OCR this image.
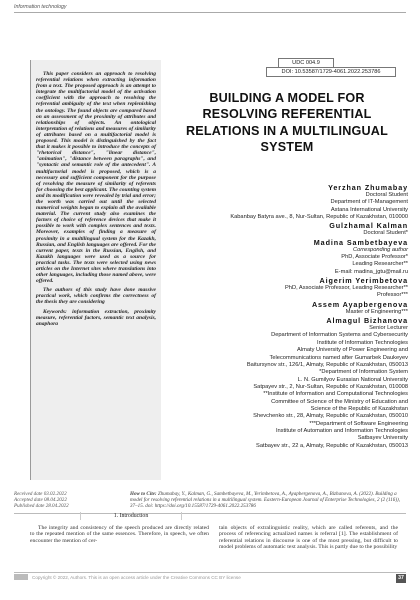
Information technology

This paper considers an approach to resolving referential relations when extracting information from a text. The proposed approach is an attempt to integrate the multifactorial model of the activation coefficient with the approach to resolving the referential ambiguity of the text when replenishing the ontology. The found objects are compared based on an assessment of the proximity of attributes and relationships of objects. An ontological interpretation of relations and measures of similarity of attributes based on a multifactorial model is proposed. This model is distinguished by the fact that it makes it possible to introduce the concepts of "rhetorical distance", "linear distance", "animation", "distance between paragraphs", and "syntactic and semantic role of the antecedent". A multifactorial model is proposed, which is a necessary and sufficient component for the purpose of resolving the measure of similarity of referents for choosing the best applicant. The counting system and its modification were revealed by trial and error; the worth was carried out until the selected numerical weights began to explain all the available material. The current study also examines the factors of choice of reference devices that make it possible to work with complex sentences and texts. Moreover, examples of finding a measure of proximity in a multilingual system for the Kazakh, Russian, and English languages are offered. For the current paper, texts in the Russian, English, and Kazakh languages were used as a source for practical tasks. The texts were selected using news articles on the Internet sites where translations into other languages, including those named above, were offered.

The authors of this study have done massive practical work, which confirms the correctness of the thesis they are considering

Keywords: information extraction, proximity measure, referential factors, semantic text analysis, anaphora

UDC 004.9
DOI: 10.53587/1729-4061.2022.253786
BUILDING A MODEL FOR RESOLVING REFERENTIAL RELATIONS IN A MULTILINGUAL SYSTEM
Yerzhan Zhumabay
Doctoral Student
Department of IT-Management
Astana International University
Kabanbay Batyra ave., 8, Nur-Sultan, Republic of Kazakhstan, 010000
Gulzhamal Kalman
Doctoral Student*
Madina Sambetbayeva
Corresponding author
PhD, Associate Professor*
Leading Researcher**
E-mail: madina_jgtu@mail.ru
Aigerim Yerimbetova
PhD, Associate Professor, Leading Researcher**
Professor***
Assem Ayapbergenova
Master of Engineering***
Almagul Bizhanova
Senior Lecturer
Department of Information Systems and Cybersecurity
Institute of Information Technologies
Almaty University of Power Engineering and
Telecommunications named after Gumarbek Daukeyev
Baitursynov str., 126/1, Almaty, Republic of Kazakhstan, 050013
*Department of Information System
L. N. Gumilyov Eurasian National University
Satpayev str., 2, Nur-Sultan, Republic of Kazakhstan, 010008
**Institute of Information and Computational Technologies
Committee of Science of the Ministry of Education and
Science of the Republic of Kazakhstan
Shevchenko str., 28, Almaty, Republic of Kazakhstan, 050010
***Department of Software Engineering
Institute of Automation and Information Technologies
Satbayev University
Satbayev str., 22 a, Almaty, Republic of Kazakhstan, 050013
Received date 03.02.2022
Accepted date 08.04.2022
Published date 28.04.2022
How to Cite: Zhumabay, Y., Kalman, G., Sambetbayeva, M., Yerimbetova, A., Ayapbergenova, A., Bizhanova, A. (2022). Building a model for resolving referential relations in a multilingual system. Eastern-European Journal of Enterprise Technologies, 2 (2 (116)), 37–15. doi: https://doi.org/10.15587/1729-4061.2022.253786
1. Introduction

The integrity and consistency of the speech produced are directly related to the repeated mention of the same essences. Therefore, in speech, we often encounter the mention of cer-

tain objects of extralinguistic reality, which are called referents, and the process of referencing actualized names is referral [1]. The establishment of referential relations in discourse is one of the most pressing, but difficult to model problems of automatic text analysis. This is partly due to the possibility

Copyright © 2022, Authors. This is an open access article under the Creative Commons CC BY license	37
